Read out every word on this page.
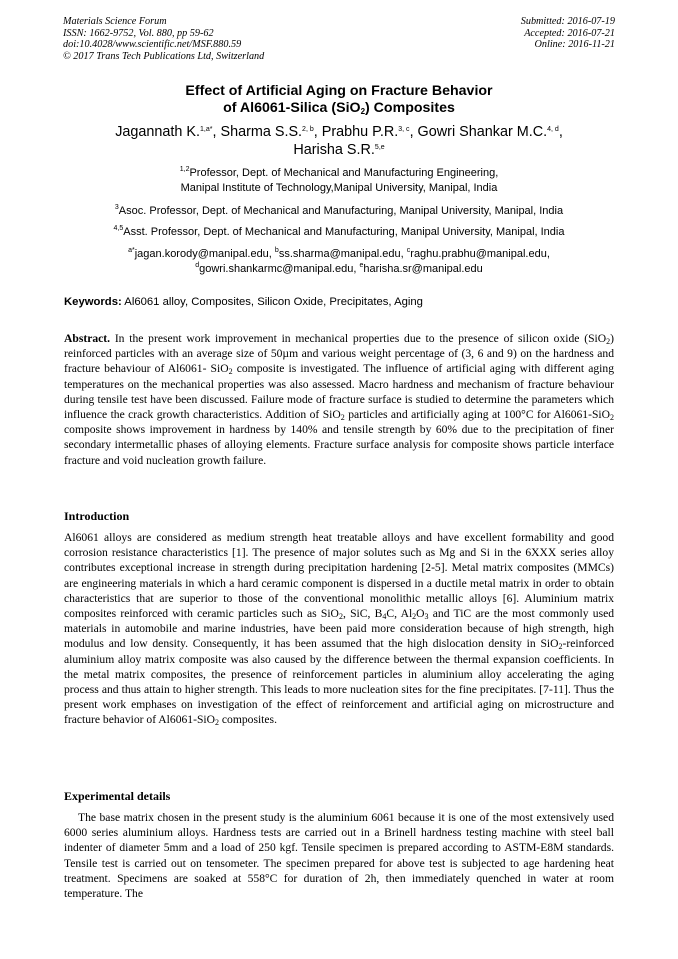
Materials Science Forum
ISSN: 1662-9752, Vol. 880, pp 59-62
doi:10.4028/www.scientific.net/MSF.880.59
© 2017 Trans Tech Publications Ltd, Switzerland
Submitted: 2016-07-19
Accepted: 2016-07-21
Online: 2016-11-21
Effect of Artificial Aging on Fracture Behavior
of Al6061-Silica (SiO$_2$) Composites
Jagannath K.$^{1,a*}$, Sharma S.S.$^{2, b}$, Prabhu P.R.$^{3, c}$, Gowri Shankar M.C.$^{4, d}$,
Harisha S.R.$^{5,e}$
$^{1,2}$Professor, Dept. of Mechanical and Manufacturing Engineering,
Manipal Institute of Technology,Manipal University, Manipal, India
$^3$Asoc. Professor, Dept. of Mechanical and Manufacturing, Manipal University, Manipal, India
$^{4,5}$Asst. Professor, Dept. of Mechanical and Manufacturing, Manipal University, Manipal, India
$^{a*}$jagan.korody@manipal.edu, $^b$ss.sharma@manipal.edu, $^c$raghu.prabhu@manipal.edu,
$^d$gowri.shankarmc@manipal.edu, $^e$harisha.sr@manipal.edu
Keywords: Al6061 alloy, Composites, Silicon Oxide, Precipitates, Aging
Abstract. In the present work improvement in mechanical properties due to the presence of silicon oxide (SiO$_2$) reinforced particles with an average size of 50µm and various weight percentage of (3, 6 and 9) on the hardness and fracture behaviour of Al6061- SiO$_2$ composite is investigated. The influence of artificial aging with different aging temperatures on the mechanical properties was also assessed. Macro hardness and mechanism of fracture behaviour during tensile test have been discussed. Failure mode of fracture surface is studied to determine the parameters which influence the crack growth characteristics. Addition of SiO$_2$ particles and artificially aging at 100°C for Al6061-SiO$_2$ composite shows improvement in hardness by 140% and tensile strength by 60% due to the precipitation of finer secondary intermetallic phases of alloying elements. Fracture surface analysis for composite shows particle interface fracture and void nucleation growth failure.
Introduction
Al6061 alloys are considered as medium strength heat treatable alloys and have excellent formability and good corrosion resistance characteristics [1]. The presence of major solutes such as Mg and Si in the 6XXX series alloy contributes exceptional increase in strength during precipitation hardening [2-5]. Metal matrix composites (MMCs) are engineering materials in which a hard ceramic component is dispersed in a ductile metal matrix in order to obtain characteristics that are superior to those of the conventional monolithic metallic alloys [6]. Aluminium matrix composites reinforced with ceramic particles such as SiO$_2$, SiC, $B_4C$, $Al_2O_3$ and TiC are the most commonly used materials in automobile and marine industries, have been paid more consideration because of high strength, high modulus and low density. Consequently, it has been assumed that the high dislocation density in SiO$_2$-reinforced aluminium alloy matrix composite was also caused by the difference between the thermal expansion coefficients. In the metal matrix composites, the presence of reinforcement particles in aluminium alloy accelerating the aging process and thus attain to higher strength. This leads to more nucleation sites for the fine precipitates. [7-11]. Thus the present work emphases on investigation of the effect of reinforcement and artificial aging on microstructure and fracture behavior of Al6061-SiO$_2$ composites.
Experimental details
The base matrix chosen in the present study is the aluminium 6061 because it is one of the most extensively used 6000 series aluminium alloys. Hardness tests are carried out in a Brinell hardness testing machine with steel ball indenter of diameter 5mm and a load of 250 kgf. Tensile specimen is prepared according to ASTM-E8M standards. Tensile test is carried out on tensometer. The specimen prepared for above test is subjected to age hardening heat treatment. Specimens are soaked at 558°C for duration of 2h, then immediately quenched in water at room temperature. The
